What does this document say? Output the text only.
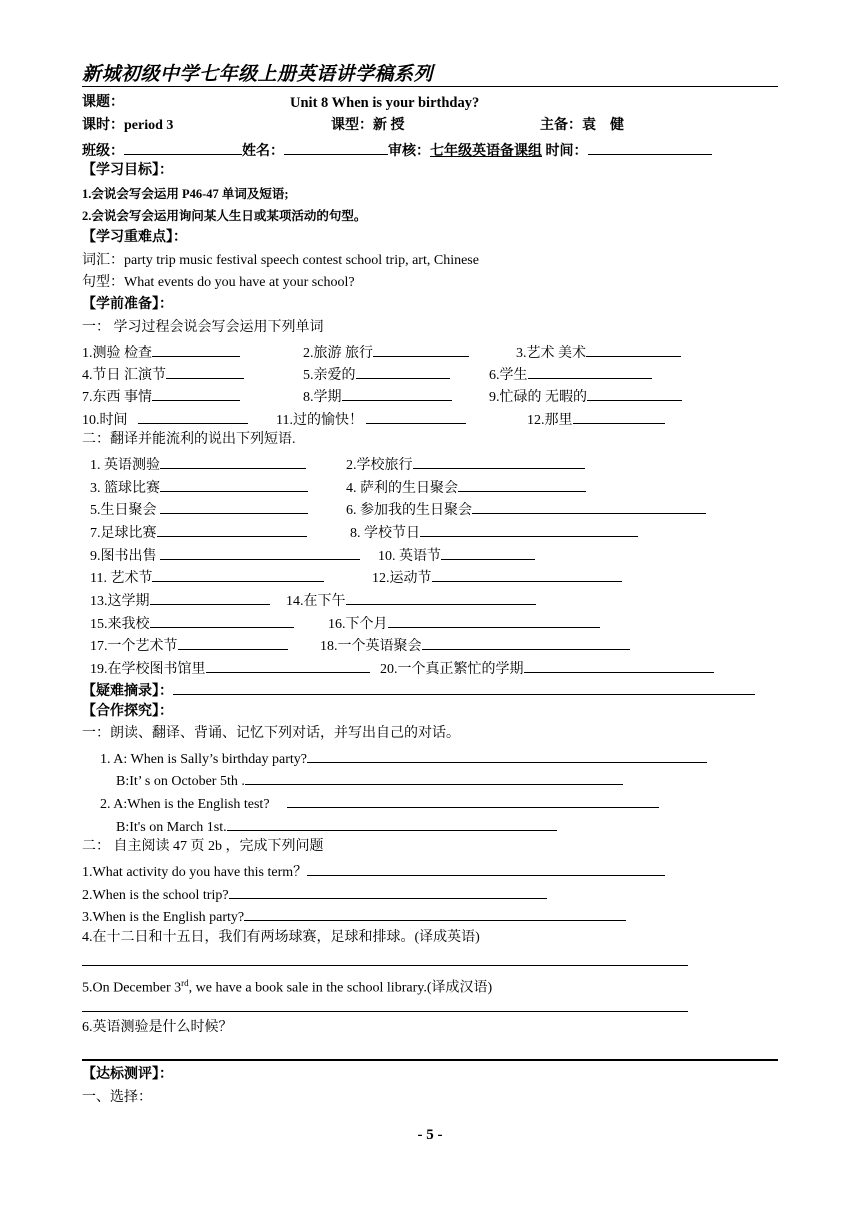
新城初级中学七年级上册英语讲学稿系列
课题：	Unit 8 When is your birthday?
课时：period 3	课型：新 授	主备：袁　健
班级：	姓名：	审核：七年级英语备课组 时间：
【学习目标】：
1.会说会写会运用 P46-47 单词及短语;
2.会说会写会运用询问某人生日或某项活动的句型。
【学习重难点】：
词汇：party trip music festival speech contest school trip, art, Chinese
句型：What events do you have at your school?
【学前准备】：
一： 学习过程会说会写会运用下列单词
1.测验 检查	2.旅游 旅行	3.艺术 美术
4.节日 汇演节	5.亲爱的	6.学生
7.东西 事情	8.学期	9.忙碌的 无暇的
10.时间	11.过的愉快！	12.那里
二：翻译并能流利的说出下列短语.
1. 英语测验	2.学校旅行
3. 篮球比赛	4. 萨利的生日聚会
5.生日聚会	6. 参加我的生日聚会
7.足球比赛	8. 学校节日
9.图书出售	10. 英语节
11. 艺术节	12.运动节
13.这学期	14.在下午
15.来我校	16.下个月
17.一个艺术节	18.一个英语聚会
19.在学校图书馆里	20.一个真正繁忙的学期
【疑难摘录】：
【合作探究】：
一：朗读、翻译、背诵、记忆下列对话，并写出自己的对话。
1. A: When is Sally’s birthday party?
B:It’ s on October 5th .
2. A:When is the English test?
B:It's on March 1st.
二： 自主阅读 47 页 2b ，完成下列问题
1.What activity do you have this term？
2.When is the school trip?
3.When is the English party?
4.在十二日和十五日，我们有两场球赛，足球和排球。(译成英语)
5.On December 3rd, we have a book sale in the school library.(译成汉语)
6.英语测验是什么时候？
【达标测评】：
一、选择：
- 5 -
